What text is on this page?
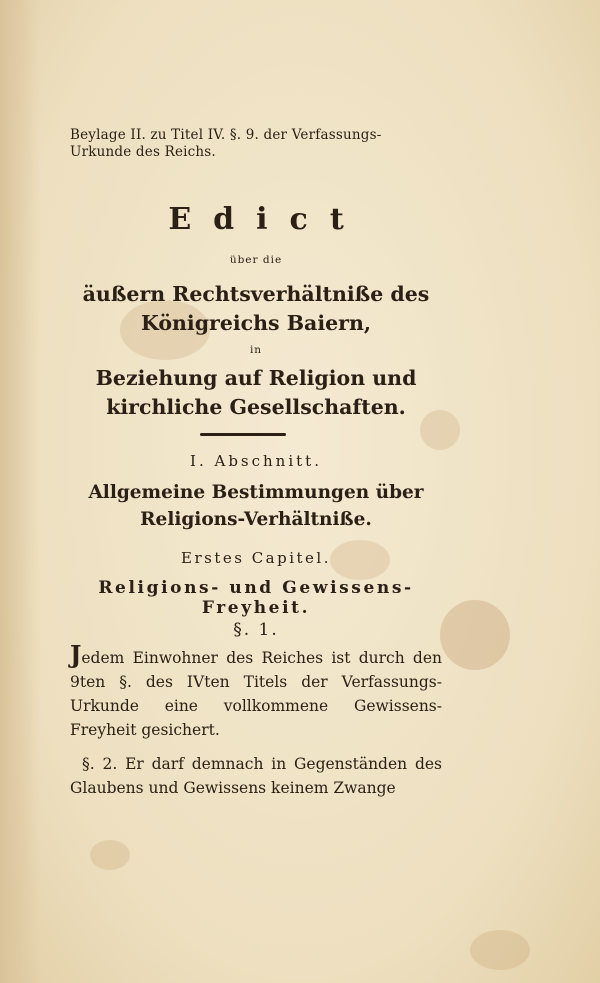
Beylage II. zu Titel IV. §. 9. der Verfassungs-Urkunde des Reichs.
Edict
über die
äußern Rechtsverhältniße des Königreichs Baiern,
in
Beziehung auf Religion und kirchliche Gesellschaften.
I. Abschnitt.
Allgemeine Bestimmungen über Religions-Verhältniße.
Erstes Capitel.
Religions- und Gewissens-Freyheit.
§. 1.
Jedem Einwohner des Reiches ist durch den 9ten §. des IVten Titels der Verfassungs-Urkunde eine vollkommene Gewissens-Freyheit gesichert.
§. 2. Er darf demnach in Gegenständen des Glaubens und Gewissens keinem Zwange
